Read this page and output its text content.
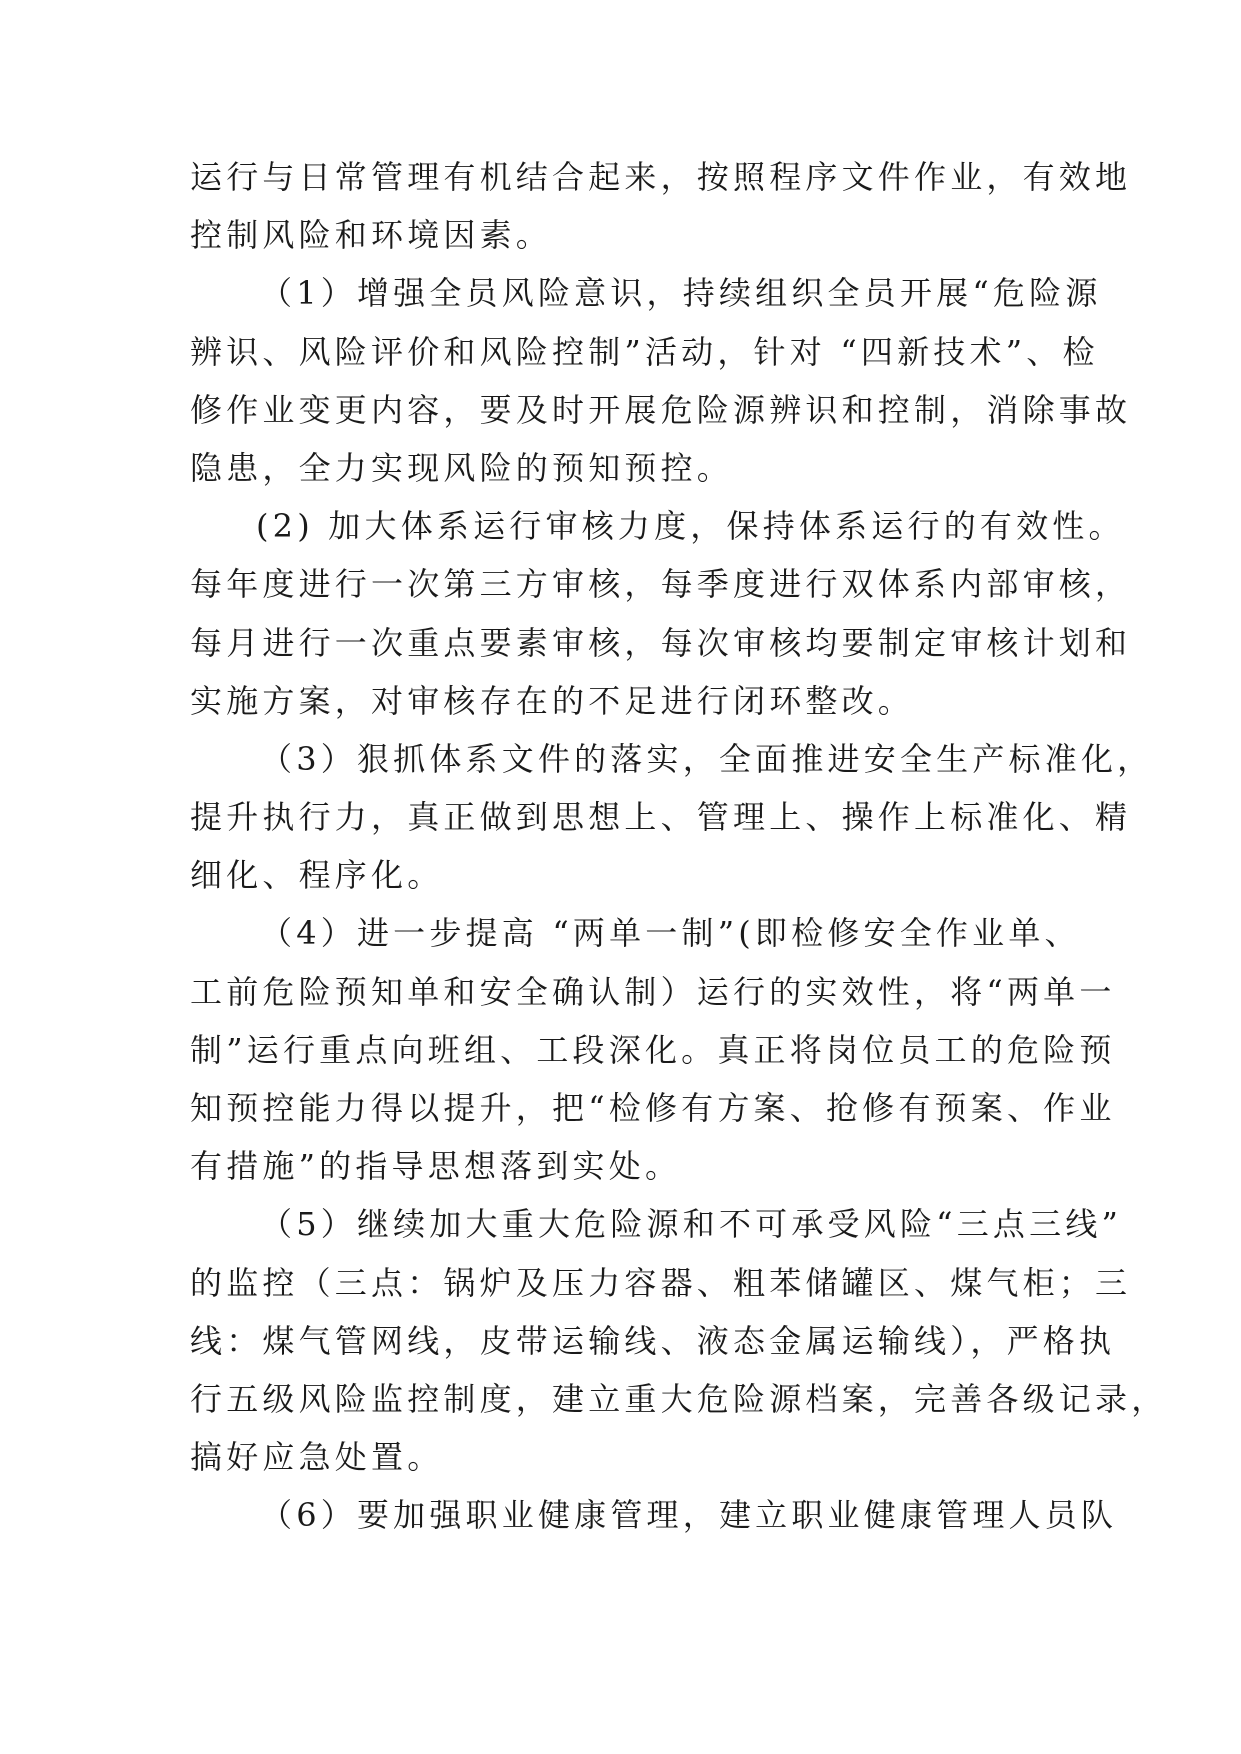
运行与日常管理有机结合起来，按照程序文件作业，有效地
控制风险和环境因素。
（1）增强全员风险意识，持续组织全员开展“危险源
辨识、风险评价和风险控制”活动，针对 “四新技术”、检
修作业变更内容，要及时开展危险源辨识和控制，消除事故
隐患，全力实现风险的预知预控。
(2) 加大体系运行审核力度，保持体系运行的有效性。
每年度进行一次第三方审核，每季度进行双体系内部审核，
每月进行一次重点要素审核，每次审核均要制定审核计划和
实施方案，对审核存在的不足进行闭环整改。
（3）狠抓体系文件的落实，全面推进安全生产标准化，
提升执行力，真正做到思想上、管理上、操作上标准化、精
细化、程序化。
（4）进一步提高 “两单一制”(即检修安全作业单、
工前危险预知单和安全确认制）运行的实效性，将“两单一
制”运行重点向班组、工段深化。真正将岗位员工的危险预
知预控能力得以提升，把“检修有方案、抢修有预案、作业
有措施”的指导思想落到实处。
（5）继续加大重大危险源和不可承受风险“三点三线”
的监控（三点：锅炉及压力容器、粗苯储罐区、煤气柜；三
线：煤气管网线，皮带运输线、液态金属运输线），严格执
行五级风险监控制度，建立重大危险源档案，完善各级记录，
搞好应急处置。
（6）要加强职业健康管理，建立职业健康管理人员队
